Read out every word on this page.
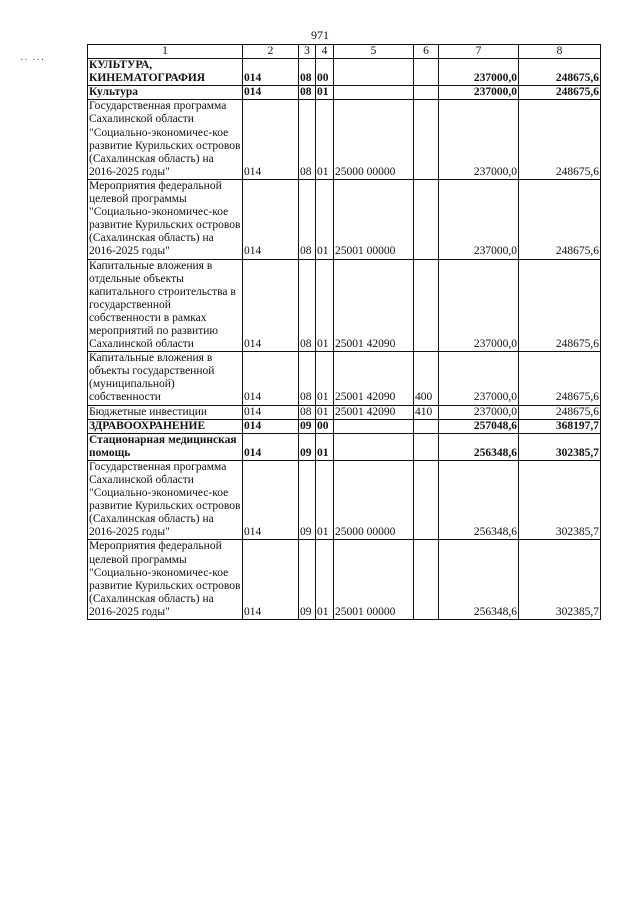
971
·· ···
1	2	3	4	5	6	7	8
КУЛЬТУРА, КИНЕМАТОГРАФИЯ	014	08	00			237000,0	248675,6
Культура	014	08	01			237000,0	248675,6
Государственная программа Сахалинской области "Социально-экономичес-кое развитие Курильских островов (Сахалинская область) на 2016-2025 годы"	014	08	01	25000 00000		237000,0	248675,6
Мероприятия федеральной целевой программы "Социально-экономичес-кое развитие Курильских островов (Сахалинская область) на 2016-2025 годы"	014	08	01	25001 00000		237000,0	248675,6
Капитальные вложения в отдельные объекты капитального строительства в государственной собственности в рамках мероприятий по развитию Сахалинской области	014	08	01	25001 42090		237000,0	248675,6
Капитальные вложения в объекты государственной (муниципальной) собственности	014	08	01	25001 42090	400	237000,0	248675,6
Бюджетные инвестиции	014	08	01	25001 42090	410	237000,0	248675,6
ЗДРАВООХРАНЕНИЕ	014	09	00			257048,6	368197,7
Стационарная медицинская помощь	014	09	01			256348,6	302385,7
Государственная программа Сахалинской области "Социально-экономичес-кое развитие Курильских островов (Сахалинская область) на 2016-2025 годы"	014	09	01	25000 00000		256348,6	302385,7
Мероприятия федеральной целевой программы "Социально-экономичес-кое развитие Курильских островов (Сахалинская область) на 2016-2025 годы"	014	09	01	25001 00000		256348,6	302385,7
